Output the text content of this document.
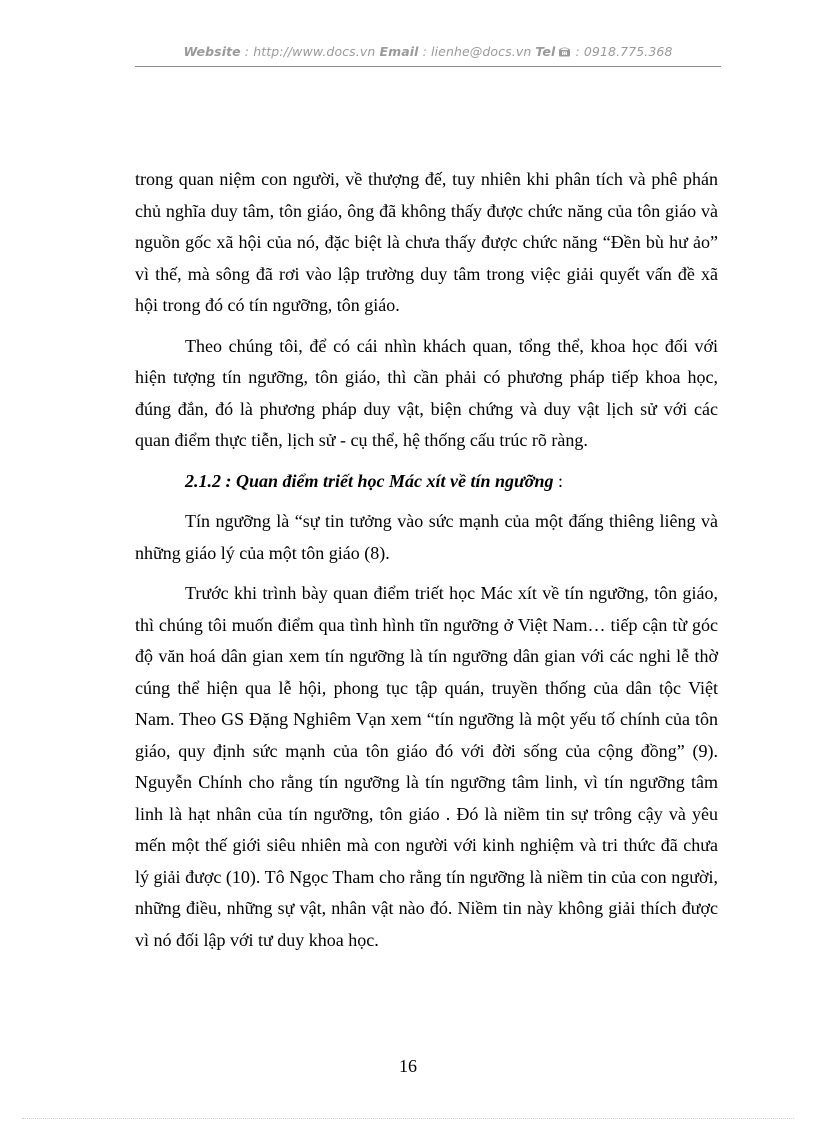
Website : http://www.docs.vn Email : lienhe@docs.vn Tel : 0918.775.368

trong quan niệm con người, về thượng đế, tuy nhiên khi phân tích và phê phán chủ nghĩa duy tâm, tôn giáo, ông đã không thấy được chức năng của tôn giáo và nguồn gốc xã hội của nó, đặc biệt là chưa thấy được chức năng “Đền bù hư ảo” vì thế, mà sông đã rơi vào lập trường duy tâm trong việc giải quyết vấn đề xã hội trong đó có tín ngưỡng, tôn giáo.

Theo chúng tôi, để có cái nhìn khách quan, tổng thể, khoa học đối với hiện tượng tín ngưỡng, tôn giáo, thì cần phải có phương pháp tiếp khoa học, đúng đắn, đó là phương pháp duy vật, biện chứng và duy vật lịch sử với các quan điểm thực tiễn, lịch sử - cụ thể, hệ thống cấu trúc rõ ràng.

2.1.2 : Quan điểm triết học Mác xít về tín ngưỡng :

Tín ngưỡng là “sự tin tưởng vào sức mạnh của một đấng thiêng liêng và những giáo lý của một tôn giáo (8).

Trước khi trình bày quan điểm triết học Mác xít về tín ngưỡng, tôn giáo, thì chúng tôi muốn điểm qua tình hình tĩn ngưỡng ở Việt Nam… tiếp cận từ góc độ văn hoá dân gian xem tín ngưỡng là tín ngưỡng dân gian với các nghi lễ thờ cúng thể hiện qua lễ hội, phong tục tập quán, truyền thống của dân tộc Việt Nam. Theo GS Đặng Nghiêm Vạn xem “tín ngưỡng là một yếu tố chính của tôn giáo, quy định sức mạnh của tôn giáo đó với đời sống của cộng đồng” (9). Nguyễn Chính cho rằng tín ngưỡng là tín ngưỡng tâm linh, vì tín ngưỡng tâm linh là hạt nhân của tín ngưỡng, tôn giáo . Đó là niềm tin sự trông cậy và yêu mến một thế giới siêu nhiên mà con người với kinh nghiệm và tri thức đã chưa lý giải được (10). Tô Ngọc Tham cho rằng tín ngưỡng là niềm tin của con người, những điều, những sự vật, nhân vật nào đó. Niềm tin này không giải thích được vì nó đối lập với tư duy khoa học.

16
